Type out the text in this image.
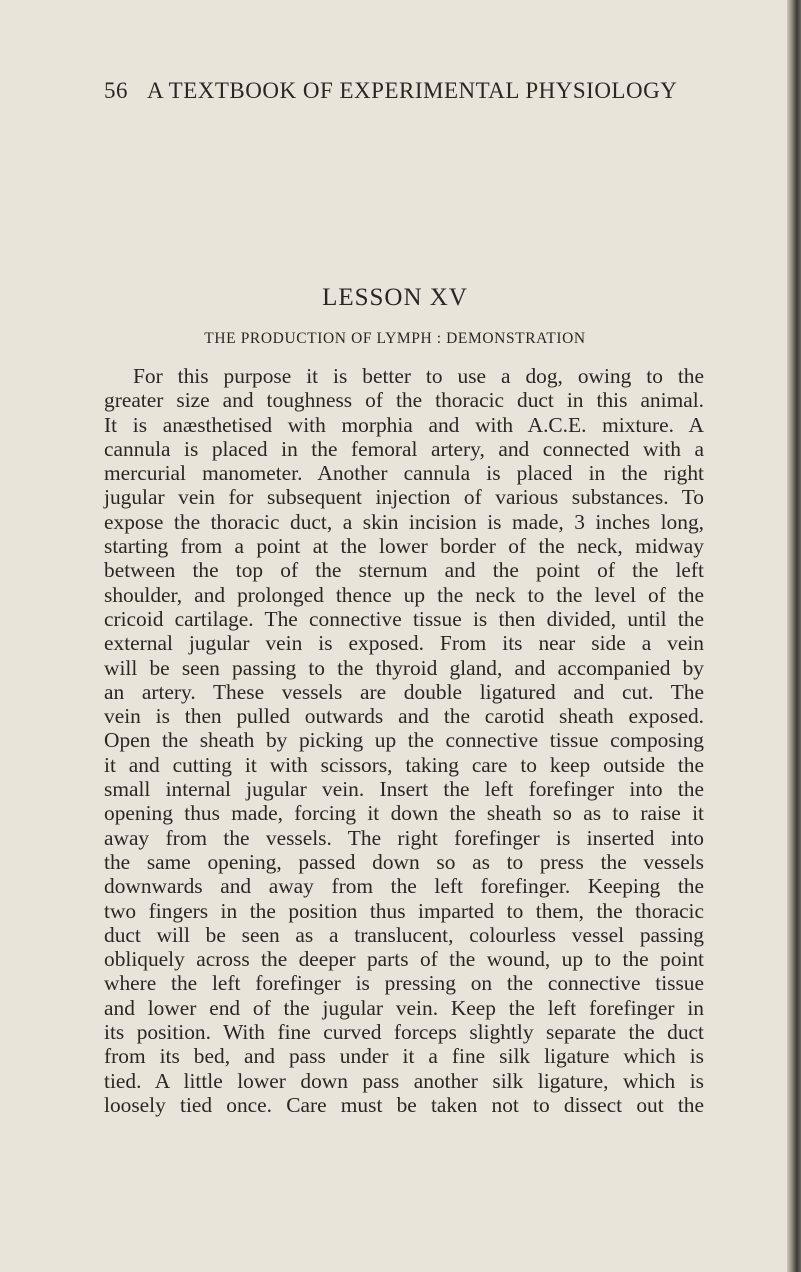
56 A TEXTBOOK OF EXPERIMENTAL PHYSIOLOGY
LESSON XV
THE PRODUCTION OF LYMPH : DEMONSTRATION
For this purpose it is better to use a dog, owing to the
greater size and toughness of the thoracic duct in this animal.
It is anæsthetised with morphia and with A.C.E. mixture. A
cannula is placed in the femoral artery, and connected with a
mercurial manometer. Another cannula is placed in the right
jugular vein for subsequent injection of various substances. To
expose the thoracic duct, a skin incision is made, 3 inches long,
starting from a point at the lower border of the neck, midway
between the top of the sternum and the point of the left
shoulder, and prolonged thence up the neck to the level of the
cricoid cartilage. The connective tissue is then divided, until the
external jugular vein is exposed. From its near side a vein
will be seen passing to the thyroid gland, and accompanied by
an artery. These vessels are double ligatured and cut. The
vein is then pulled outwards and the carotid sheath exposed.
Open the sheath by picking up the connective tissue composing
it and cutting it with scissors, taking care to keep outside the
small internal jugular vein. Insert the left forefinger into the
opening thus made, forcing it down the sheath so as to raise it
away from the vessels. The right forefinger is inserted into
the same opening, passed down so as to press the vessels
downwards and away from the left forefinger. Keeping the
two fingers in the position thus imparted to them, the thoracic
duct will be seen as a translucent, colourless vessel passing
obliquely across the deeper parts of the wound, up to the point
where the left forefinger is pressing on the connective tissue
and lower end of the jugular vein. Keep the left forefinger in
its position. With fine curved forceps slightly separate the duct
from its bed, and pass under it a fine silk ligature which is
tied. A little lower down pass another silk ligature, which is
loosely tied once. Care must be taken not to dissect out the
